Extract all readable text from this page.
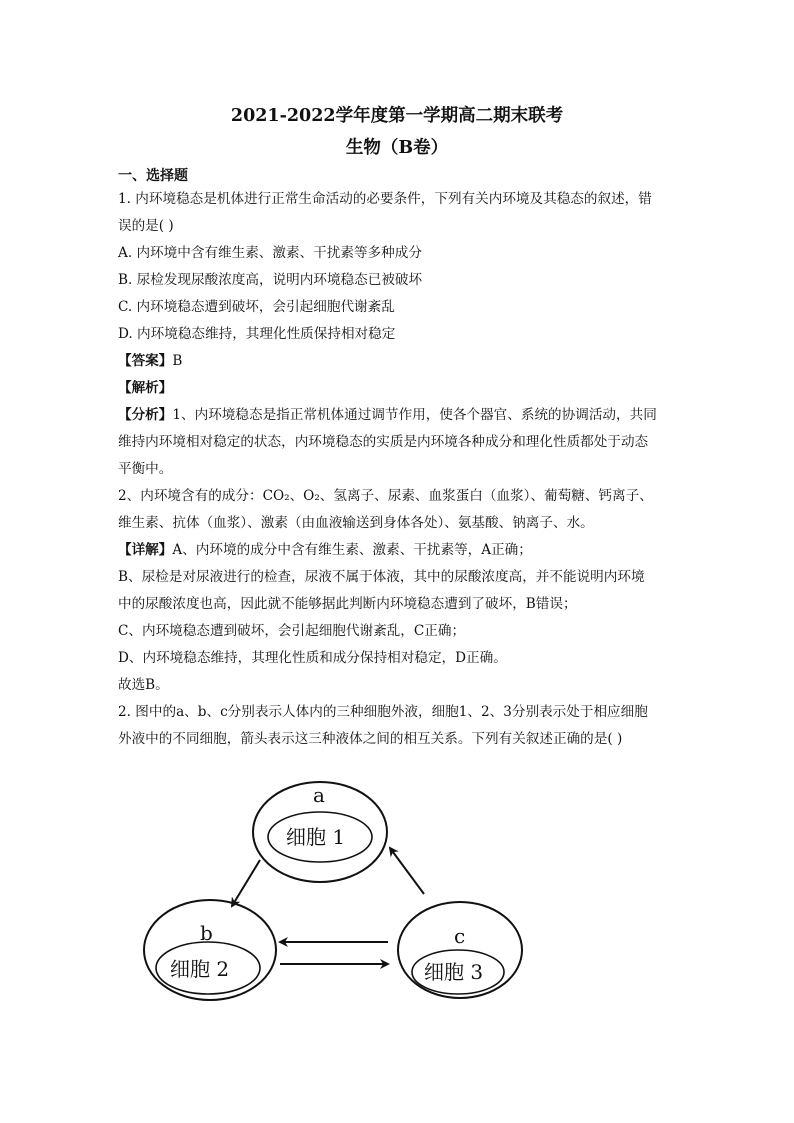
2021-2022学年度第一学期高二期末联考
生物（B卷）
一、选择题
1. 内环境稳态是机体进行正常生命活动的必要条件，下列有关内环境及其稳态的叙述，错
误的是( )
A. 内环境中含有维生素、激素、干扰素等多种成分
B. 尿检发现尿酸浓度高，说明内环境稳态已被破坏
C. 内环境稳态遭到破坏，会引起细胞代谢紊乱
D. 内环境稳态维持，其理化性质保持相对稳定
【答案】B
【解析】
【分析】1、内环境稳态是指正常机体通过调节作用，使各个器官、系统的协调活动，共同
维持内环境相对稳定的状态，内环境稳态的实质是内环境各种成分和理化性质都处于动态
平衡中。
2、内环境含有的成分：CO₂、O₂、氢离子、尿素、血浆蛋白（血浆）、葡萄糖、钙离子、
维生素、抗体（血浆）、激素（由血液输送到身体各处）、氨基酸、钠离子、水。
【详解】A、内环境的成分中含有维生素、激素、干扰素等，A正确；
B、尿检是对尿液进行的检查，尿液不属于体液，其中的尿酸浓度高，并不能说明内环境
中的尿酸浓度也高，因此就不能够据此判断内环境稳态遭到了破坏，B错误；
C、内环境稳态遭到破坏，会引起细胞代谢紊乱，C正确；
D、内环境稳态维持，其理化性质和成分保持相对稳定，D正确。
故选B。
2. 图中的a、b、c分别表示人体内的三种细胞外液，细胞1、2、3分别表示处于相应细胞
外液中的不同细胞，箭头表示这三种液体之间的相互关系。下列有关叙述正确的是( )
a
细胞 1
b
细胞 2
c
细胞 3
